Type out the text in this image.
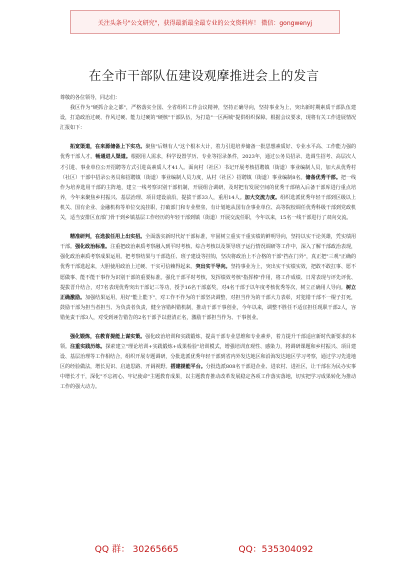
关注头条号"公文研究"，获得最新最全最专业的公文资料库！ 微信：gongwenyj
在全市干部队伍建设观摩推进会上的发言

尊敬的各位领导，同志们：

我区作为"硬抓合金之都"，严格落实全国、全省组织工作会议精神，坚持正确导向，坚持事业为上，突出新时期素质干部队伍建设，打造政治过硬、作风过硬、能力过硬的"硬核"干部队伍，为打造"一区两城"提供组织保障。根据会议要求，现将有关工作进展情况汇报如下：

拓宽渠道，在来源储备上下实功。聚焦"后继有人"这个根本大计，着力引进培养储备一批思想素质好、专业水平高、工作能力强的优秀干部人才。畅通进人渠道。根据用人需求，科学设置学历、专业等招录条件，2023年，通过公务员招录、选调生招考、高层次人才引进、事业单位公开招聘等方式引进高素质人才41人。面向村（社区）书记开展考核招聘镇（街道）事业编制人员，加大从优秀村（社区）干部中招录公务员和招聘镇（街道）事业编制人员力度，从村（社区）招聘镇（街道）事业编制8名。储备优秀干部。把一线作为培养选用干部的主阵地，建立一线考察识别干部机制，开展组合调研，及时把有发展空间的优秀干部纳入后备干部库进行重点培养，今年来聚焦乡村振兴、基层治理、项目建设前沿，提拔干部33人，重用14人。加大交流力度。组织选派优秀年轻干部到区级以上机关、国有企业、金融机构等单位交流挂职，打破部门和专业壁垒，有计划地从国有企事业单位、高等院校调任优秀科级干部到党政机关，适当安排区直部门骨干到乡镇基层工作经历的年轻干部到镇（街道）开展交流任职，今年以来，15名一线干部进行了双向交流。

精准研判，在选拔任用上出实招。全面落实新时代好干部标准，牢固树立重实干重实绩的鲜明导向，坚持以实干论英雄，凭实绩用干部。强化政治标准。注重把政治素质考察融入到平时考核、综合考核以及领导班子运行情况调研等工作中，深入了解干部政治表现，强化政治素质考察成果运用。把考察结果与干部选任、班子建设等挂钩，坚决将政治上不合格的干部"挡在门外"，真正把"三观"正确的优秀干部选起来，大胆使用政治上过硬、干实可信赖得起来。突出实干导向。坚持事业为上，突出实干实绩实效，把敢不敢扛事、愿不愿做事、能不能干事作为识别干部的重要标准。强化干部平时考核，发挥绩效考核"指挥棒"作用，将工作成绩、日常表现与评先评优、提拔晋升结合，对7名表现优秀突出干部记三等功，授予16名干部嘉奖，对4名干部于以年度考核优秀等次，树立正确用人导向。树立正确激励。加强结果运用，用好"能上能下"，对工作不作为的干部坚决调整，对担当作为的干部大力表彰，对犯错干部不一棍子打死，鼓励干部为担当者担当、为负责者负责，健全容错纠错机制，推动干部干事创业，今年以来，调整不胜任不适宜担任现职干部2人，容错免责干部3人，对受到诬告错告的2名干部予以澄清正名，激励干部担当作为、干事创业。

强化锻炼，在教育提能上谋实策。强化政治培训和实践锻炼，提高干部专业思维和专业素养，着力提升干部适应新时代新要求的本领。注重实践历练。探索建立"理论培训+实践锻炼+成果检验"培训模式，增强培训直观性、感染力，将调研课题和乡村振兴、项目建设、基层治理等工作相结合，组织开展专题调研，分批选派优秀年轻干部到省内外发达地区和沿海发达地区学习考察，通过学习先进地区的经验做法，增长见识、启迪思路、开阔视野。搭建提能平台。分批选派808名干部进企业、进农村、进社区，让干部在为民办实事中增长才干，深化"不忘初心、牢记使命"主题教育成果，以主题教育推动改革发展稳定各项工作落实落地，切实把学习成果转化为推动工作的强大动力。

QQ 群： 30265665	QQ：535304092
